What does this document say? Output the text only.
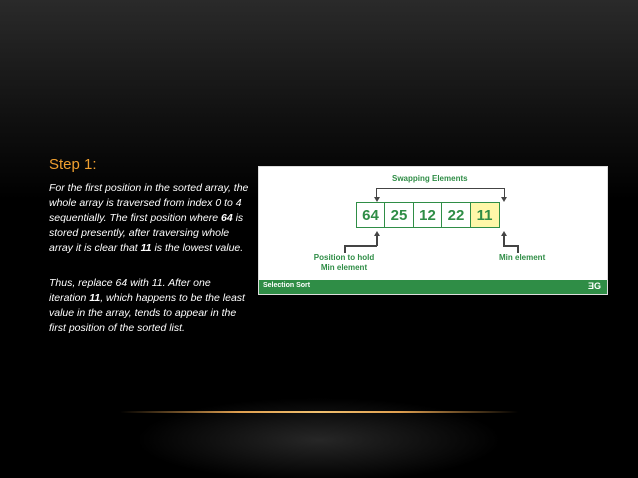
Step 1:
For the first position in the sorted array, the whole array is traversed from index 0 to 4 sequentially. The first position where 64 is stored presently, after traversing whole array it is clear that 11 is the lowest value.
Thus, replace 64 with 11. After one iteration 11, which happens to be the least value in the array, tends to appear in the first position of the sorted list.
Swapping Elements
64 25 12 22 11
Position to hold Min element
Min element
Selection Sort	ƎG
